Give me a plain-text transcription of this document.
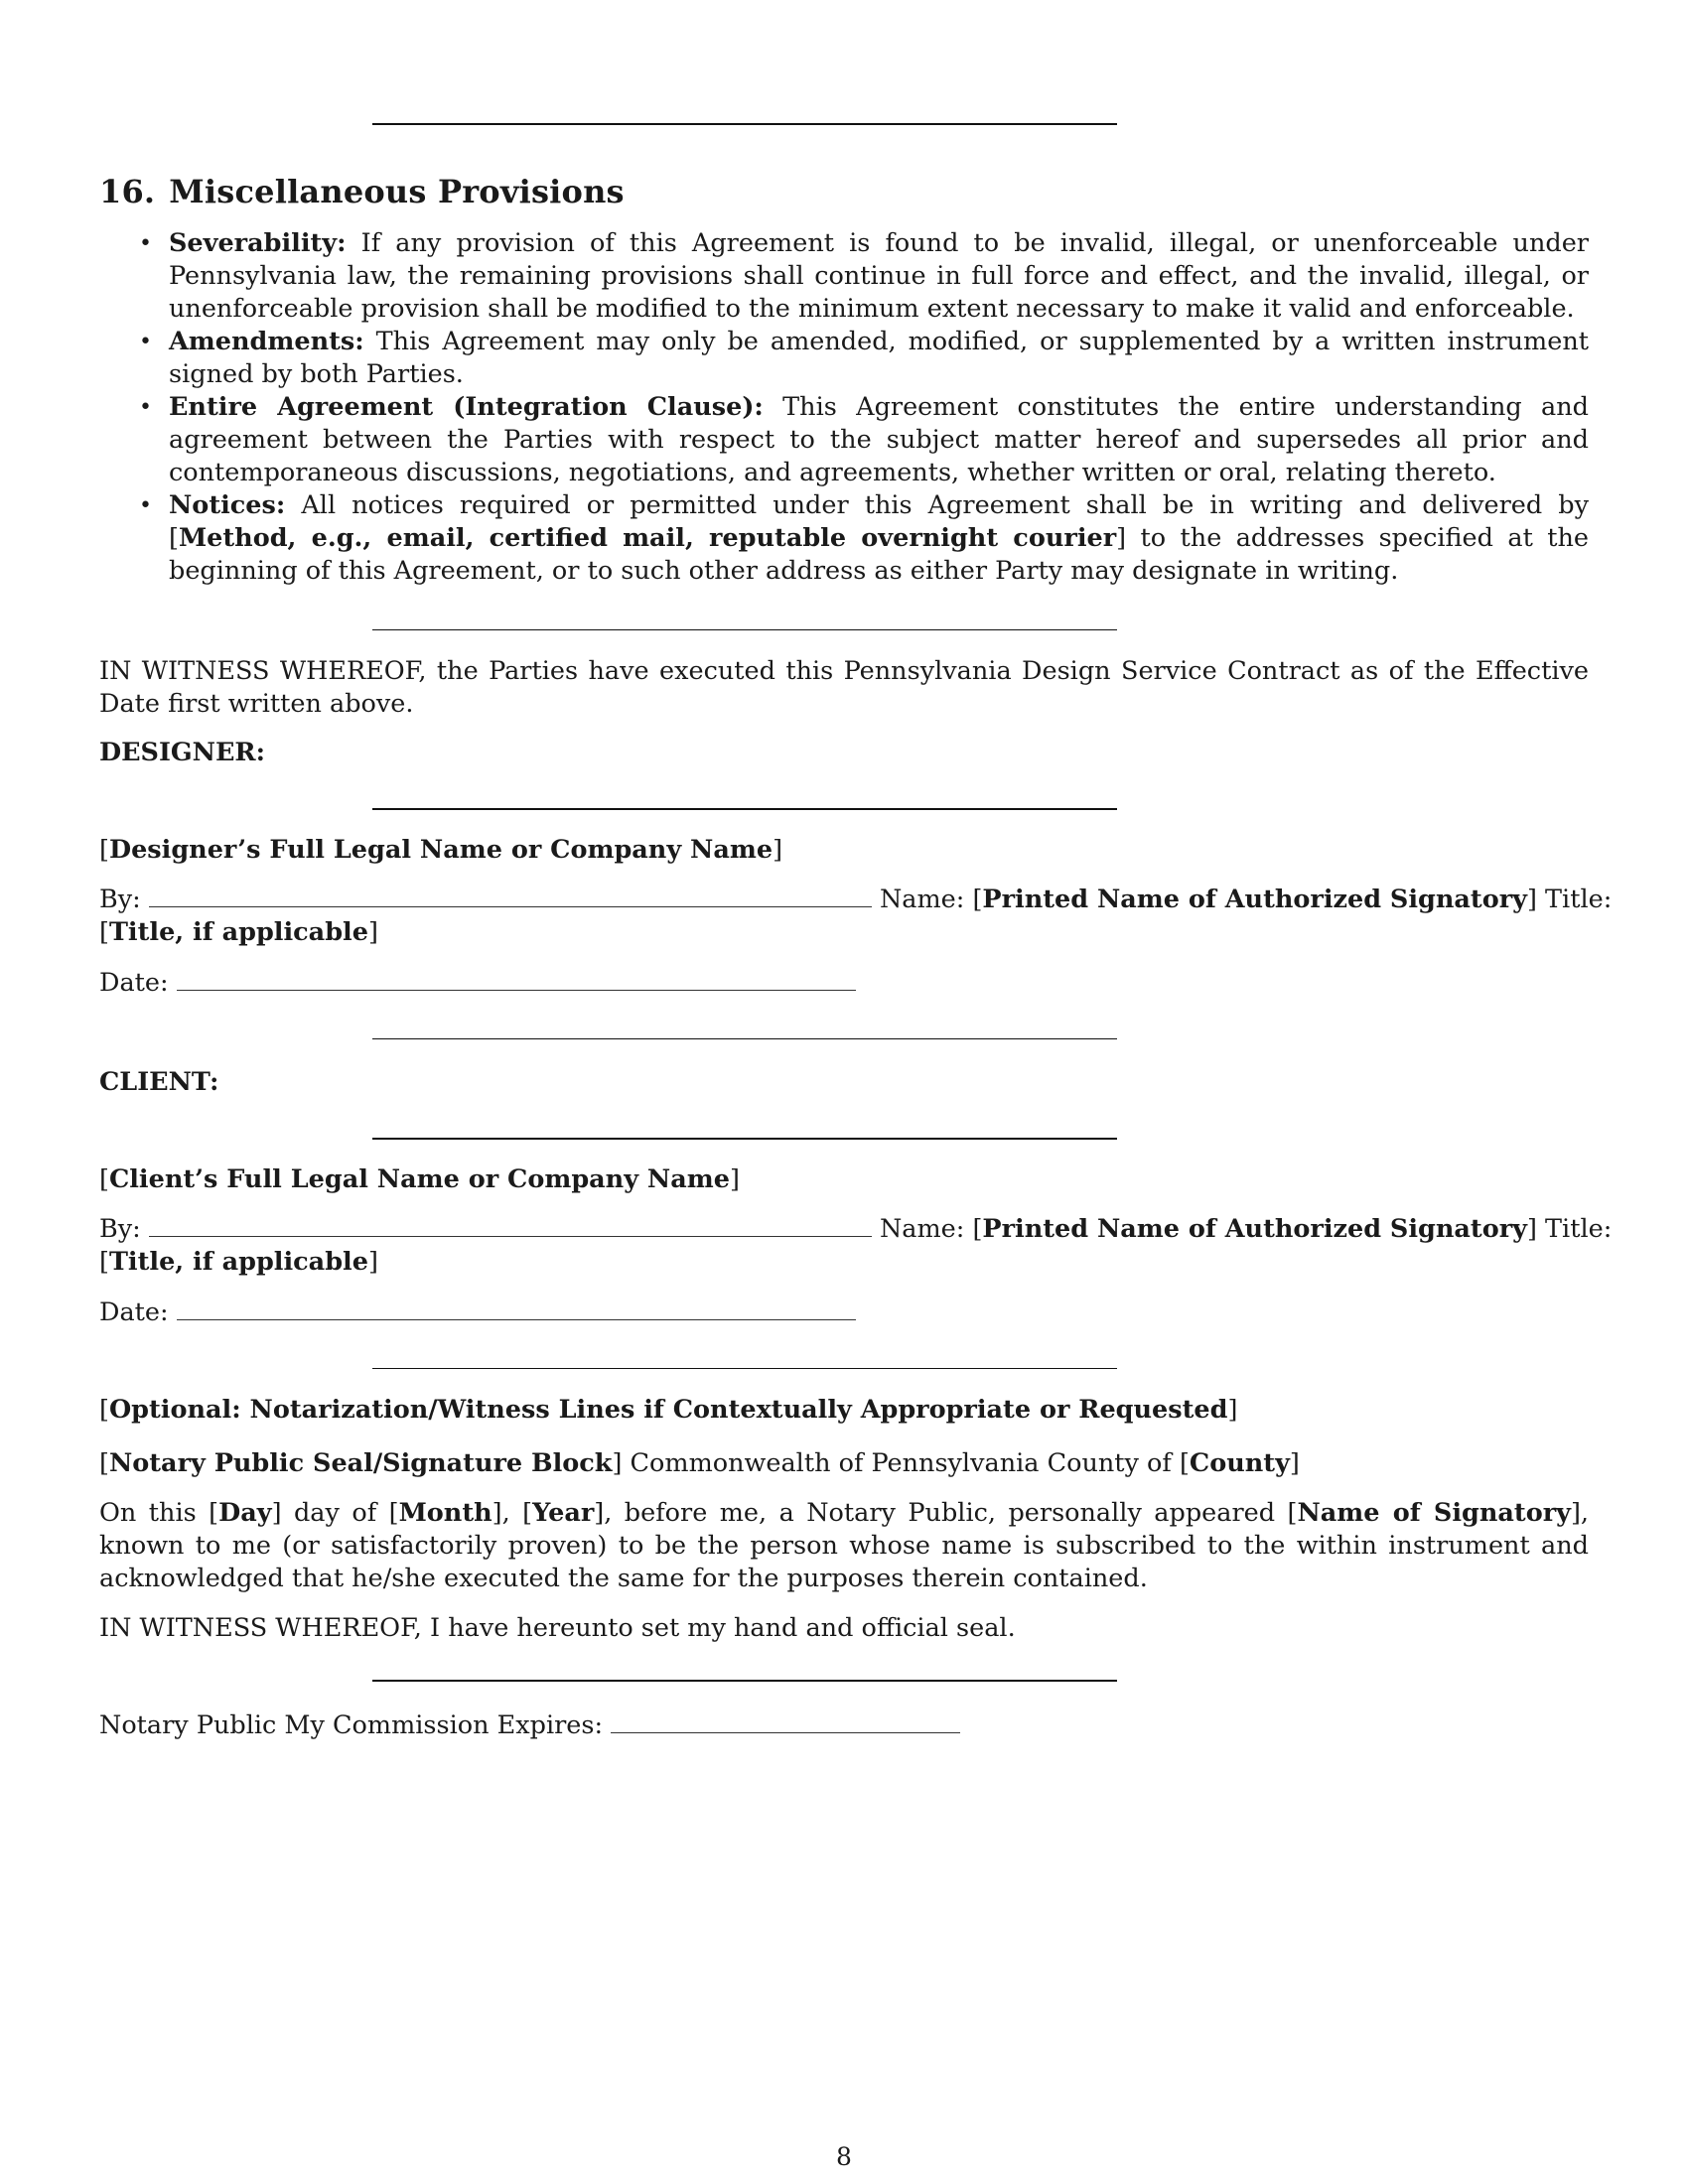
16. Miscellaneous Provisions
• Severability: If any provision of this Agreement is found to be invalid, illegal, or unenforceable under Pennsylvania law, the remaining provisions shall continue in full force and effect, and the invalid, illegal, or unenforceable provision shall be modified to the minimum extent necessary to make it valid and enforceable.
• Amendments: This Agreement may only be amended, modified, or supplemented by a written instrument signed by both Parties.
• Entire Agreement (Integration Clause): This Agreement constitutes the entire understanding and agreement between the Parties with respect to the subject matter hereof and supersedes all prior and contemporaneous discussions, negotiations, and agreements, whether written or oral, relating thereto.
• Notices: All notices required or permitted under this Agreement shall be in writing and delivered by [Method, e.g., email, certified mail, reputable overnight courier] to the addresses specified at the beginning of this Agreement, or to such other address as either Party may designate in writing.

IN WITNESS WHEREOF, the Parties have executed this Pennsylvania Design Service Contract as of the Effective Date first written above.

DESIGNER:
[Designer’s Full Legal Name or Company Name]
By:	Name: [Printed Name of Authorized Signatory] Title:
[Title, if applicable]
Date:
CLIENT:
[Client’s Full Legal Name or Company Name]
By:	Name: [Printed Name of Authorized Signatory] Title:
[Title, if applicable]
Date:
[Optional: Notarization/Witness Lines if Contextually Appropriate or Requested]
[Notary Public Seal/Signature Block] Commonwealth of Pennsylvania County of [County]

On this [Day] day of [Month], [Year], before me, a Notary Public, personally appeared [Name of Signatory], known to me (or satisfactorily proven) to be the person whose name is subscribed to the within instrument and acknowledged that he/she executed the same for the purposes therein contained.

IN WITNESS WHEREOF, I have hereunto set my hand and official seal.

Notary Public My Commission Expires:
8
